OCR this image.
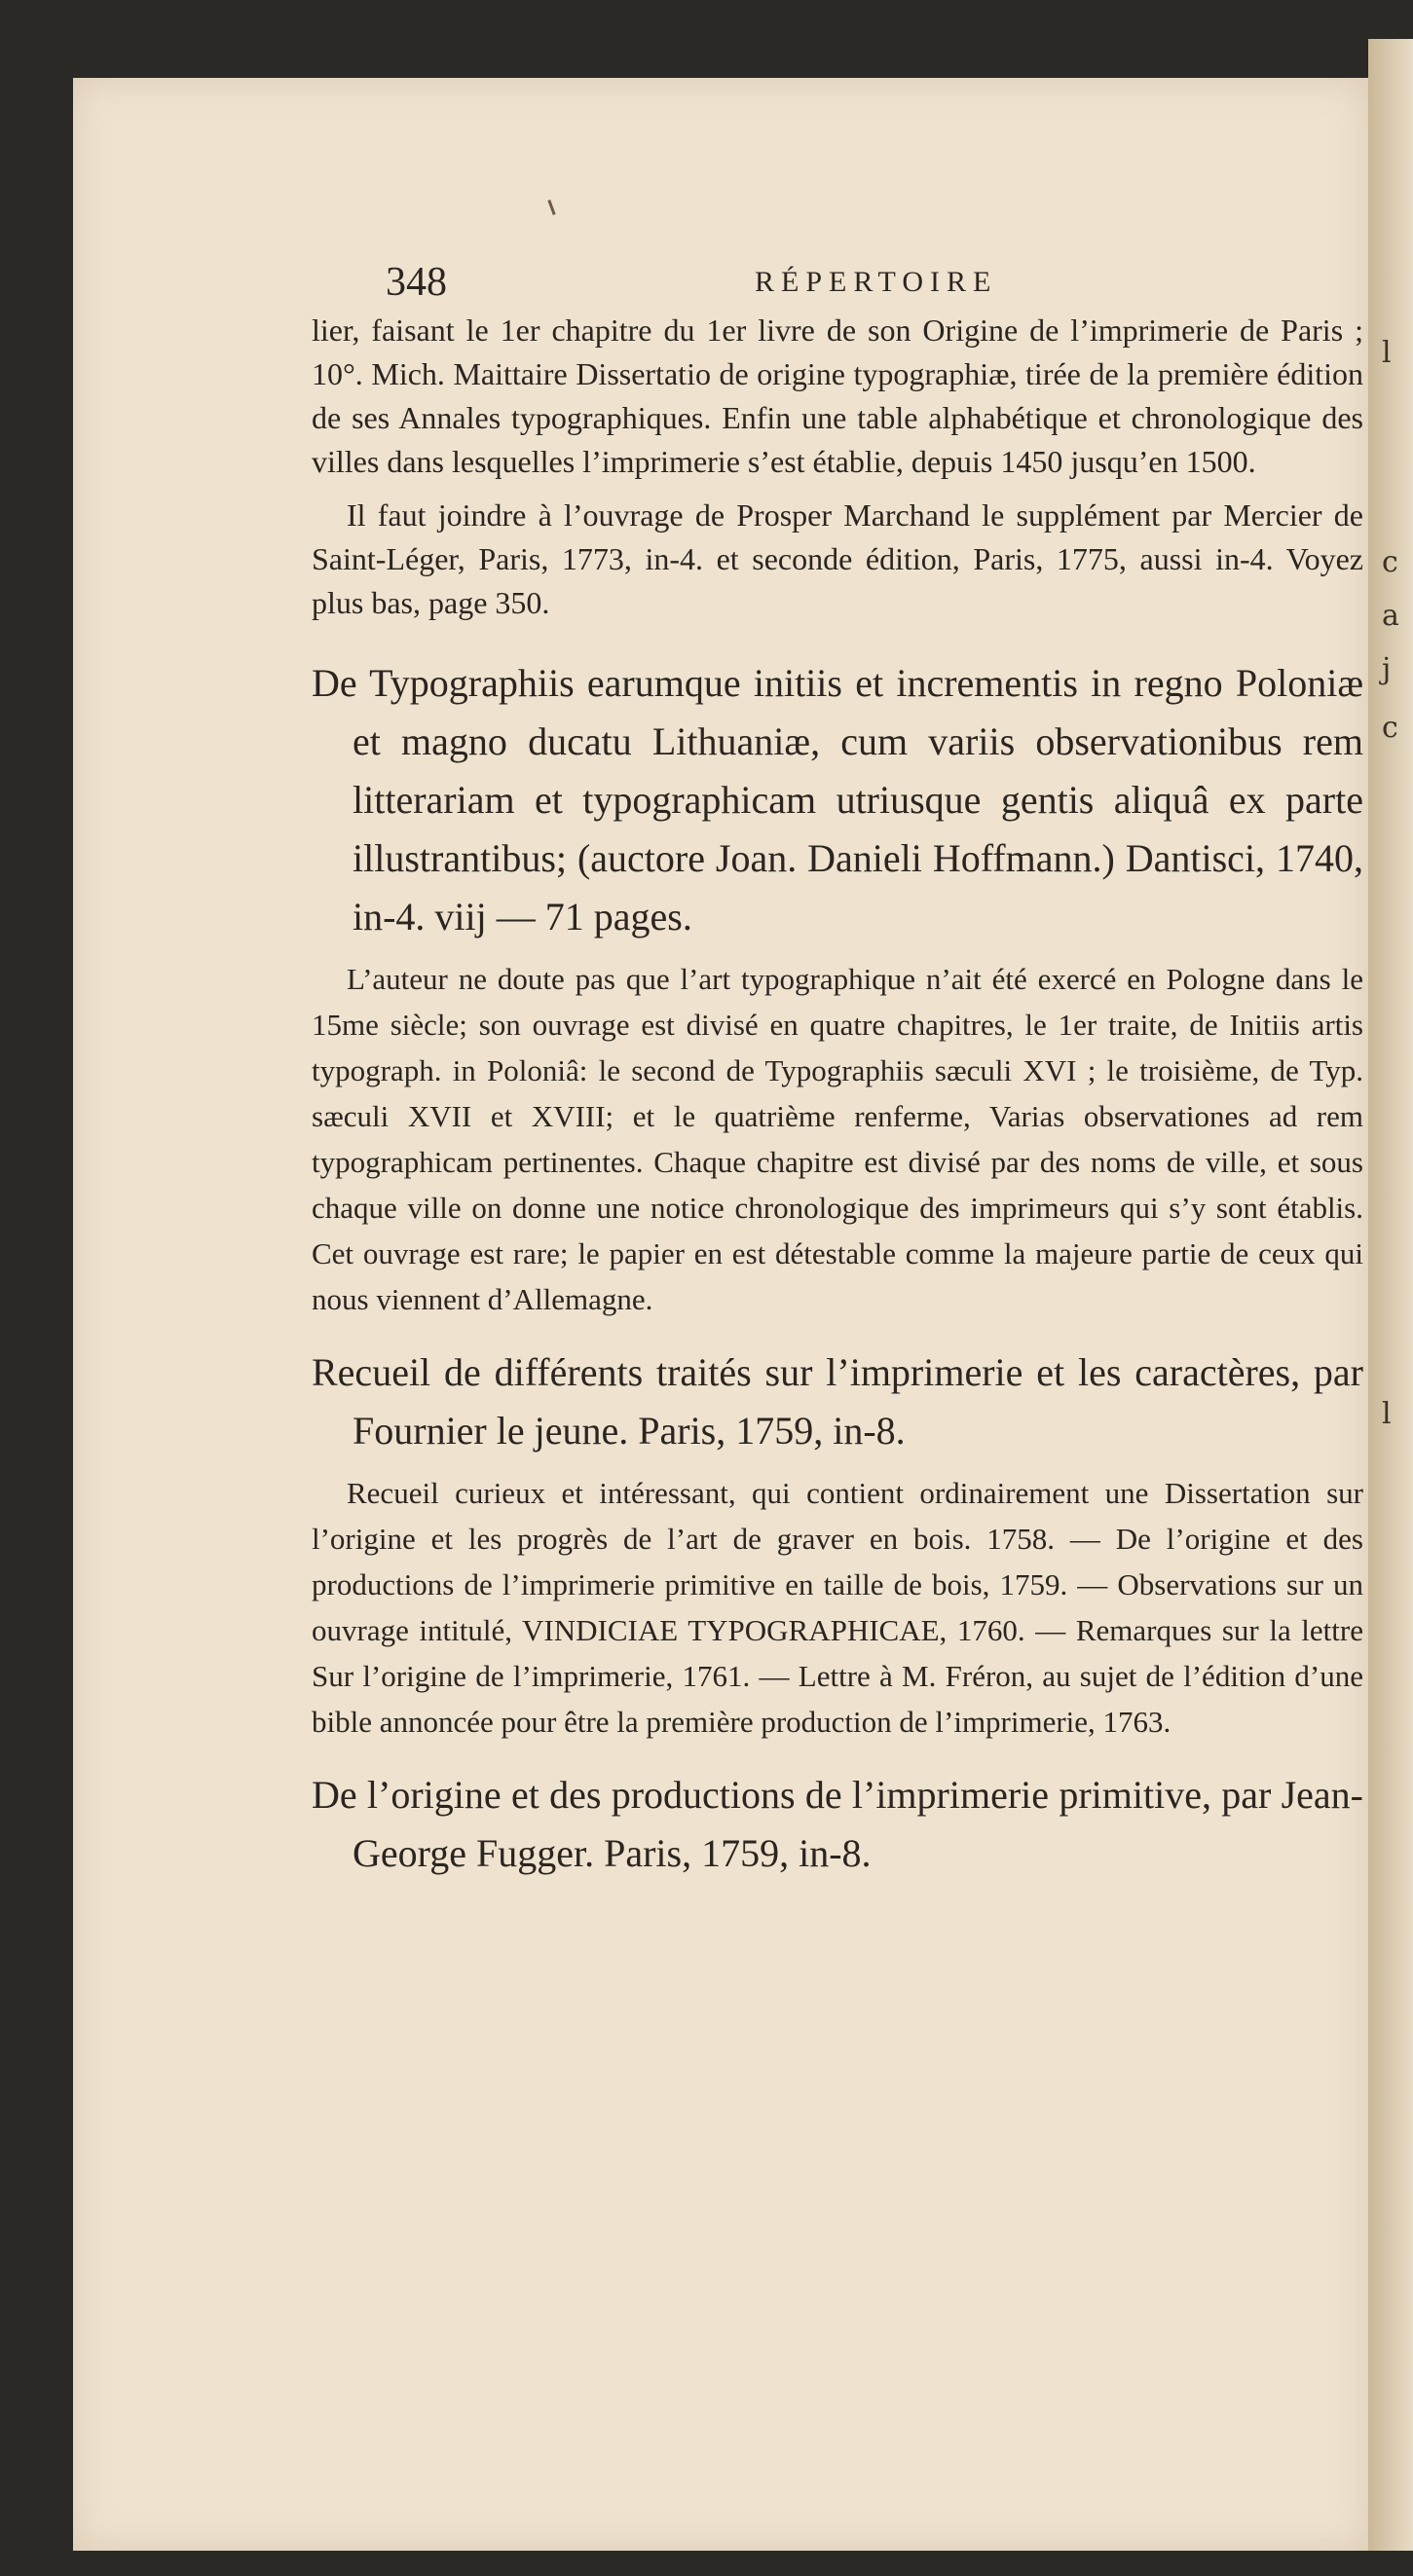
l
c
a
j
c
l
348	RÉPERTOIRE

lier, faisant le 1er chapitre du 1er livre de son Origine de l’imprimerie de Paris ; 10°. Mich. Maittaire Dissertatio de origine typographiæ, tirée de la première édition de ses Annales typographiques. Enfin une table alphabétique et chronologique des villes dans lesquelles l’imprimerie s’est établie, depuis 1450 jusqu’en 1500.

Il faut joindre à l’ouvrage de Prosper Marchand le supplément par Mercier de Saint-Léger, Paris, 1773, in-4. et seconde édition, Paris, 1775, aussi in-4. Voyez plus bas, page 350.

De Typographiis earumque initiis et incrementis in regno Poloniæ et magno ducatu Lithuaniæ, cum variis observationibus rem litterariam et typographicam utriusque gentis aliquâ ex parte illustrantibus; (auctore Joan. Danieli Hoffmann.) Dantisci, 1740, in-4. viij — 71 pages.

L’auteur ne doute pas que l’art typographique n’ait été exercé en Pologne dans le 15me siècle; son ouvrage est divisé en quatre chapitres, le 1er traite, de Initiis artis typograph. in Poloniâ: le second de Typographiis sæculi XVI ; le troisième, de Typ. sæculi XVII et XVIII; et le quatrième renferme, Varias observationes ad rem typographicam pertinentes. Chaque chapitre est divisé par des noms de ville, et sous chaque ville on donne une notice chronologique des imprimeurs qui s’y sont établis. Cet ouvrage est rare; le papier en est détestable comme la majeure partie de ceux qui nous viennent d’Allemagne.

Recueil de différents traités sur l’imprimerie et les caractères, par Fournier le jeune. Paris, 1759, in-8.

Recueil curieux et intéressant, qui contient ordinairement une Dissertation sur l’origine et les progrès de l’art de graver en bois. 1758. — De l’origine et des productions de l’imprimerie primitive en taille de bois, 1759. — Observations sur un ouvrage intitulé, VINDICIAE TYPOGRAPHICAE, 1760. — Remarques sur la lettre Sur l’origine de l’imprimerie, 1761. — Lettre à M. Fréron, au sujet de l’édition d’une bible annoncée pour être la première production de l’imprimerie, 1763.

De l’origine et des productions de l’imprimerie primitive, par Jean-George Fugger. Paris, 1759, in-8.
